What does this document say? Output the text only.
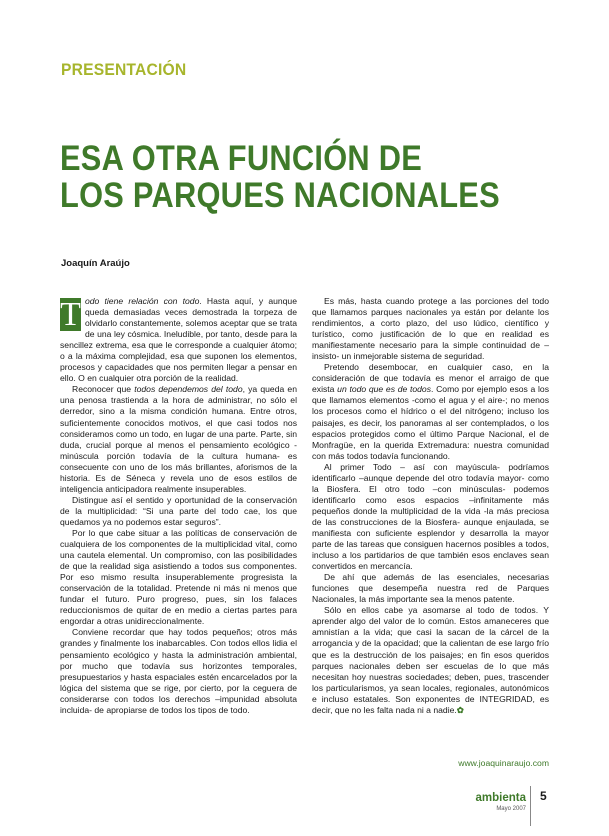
PRESENTACIÓN
ESA OTRA FUNCIÓN DE
LOS PARQUES NACIONALES
Joaquín Araújo

T odo tiene relación con todo. Hasta aquí, y aunque queda demasiadas veces demostrada la torpeza de olvidarlo constantemente, solemos aceptar que se trata de una ley cósmica. Ineludible, por tanto, desde para la sencillez extrema, esa que le corresponde a cualquier átomo; o a la máxima complejidad, esa que suponen los elementos, procesos y capacidades que nos permiten llegar a pensar en ello. O en cualquier otra porción de la realidad.

Reconocer que todos dependemos del todo, ya queda en una penosa trastienda a la hora de administrar, no sólo el derredor, sino a la misma condición humana. Entre otros, suficientemente conocidos motivos, el que casi todos nos consideramos como un todo, en lugar de una parte. Parte, sin duda, crucial porque al menos el pensamiento ecológico -minúscula porción todavía de la cultura humana- es consecuente con uno de los más brillantes, aforismos de la historia. Es de Séneca y revela uno de esos estilos de inteligencia anticipadora realmente insuperables.

Distingue así el sentido y oportunidad de la conservación de la multiplicidad: “Si una parte del todo cae, los que quedamos ya no podemos estar seguros”.

Por lo que cabe situar a las políticas de conservación de cualquiera de los componentes de la multiplicidad vital, como una cautela elemental. Un compromiso, con las posibilidades de que la realidad siga asistiendo a todos sus componentes. Por eso mismo resulta insuperablemente progresista la conservación de la totalidad. Pretende ni más ni menos que fundar el futuro. Puro progreso, pues, sin los falaces reduccionismos de quitar de en medio a ciertas partes para engordar a otras unidireccionalmente.

Conviene recordar que hay todos pequeños; otros más grandes y finalmente los inabarcables. Con todos ellos lidia el pensamiento ecológico y hasta la administración ambiental, por mucho que todavía sus horizontes temporales, presupuestarios y hasta espaciales estén encarcelados por la lógica del sistema que se rige, por cierto, por la ceguera de considerarse con todos los derechos –impunidad absoluta incluida- de apropiarse de todos los tipos de todo.

Es más, hasta cuando protege a las porciones del todo que llamamos parques nacionales ya están por delante los rendimientos, a corto plazo, del uso lúdico, científico y turístico, como justificación de lo que en realidad es manifiestamente necesario para la simple continuidad de – insisto- un inmejorable sistema de seguridad.

Pretendo desembocar, en cualquier caso, en la consideración de que todavía es menor el arraigo de que exista un todo que es de todos. Como por ejemplo esos a los que llamamos elementos -como el agua y el aire-; no menos los procesos como el hídrico o el del nitrógeno; incluso los paisajes, es decir, los panoramas al ser contemplados, o los espacios protegidos como el último Parque Nacional, el de Monfragüe, en la querida Extremadura: nuestra comunidad con más todos todavía funcionando.

Al primer Todo – así con mayúscula- podríamos identificarlo –aunque depende del otro todavía mayor- como la Biosfera. El otro todo –con minúsculas- podemos identificarlo como esos espacios –infinitamente más pequeños donde la multiplicidad de la vida -la más preciosa de las construcciones de la Biosfera- aunque enjaulada, se manifiesta con suficiente esplendor y desarrolla la mayor parte de las tareas que consiguen hacernos posibles a todos, incluso a los partidarios de que también esos enclaves sean convertidos en mercancía.

De ahí que además de las esenciales, necesarias funciones que desempeña nuestra red de Parques Nacionales, la más importante sea la menos patente.

Sólo en ellos cabe ya asomarse al todo de todos. Y aprender algo del valor de lo común. Estos amaneceres que amnistían a la vida; que casi la sacan de la cárcel de la arrogancia y de la opacidad; que la calientan de ese largo frío que es la destrucción de los paisajes; en fin esos queridos parques nacionales deben ser escuelas de lo que más necesitan hoy nuestras sociedades; deben, pues, trascender los particularismos, ya sean locales, regionales, autonómicos e incluso estatales. Son exponentes de INTEGRIDAD, es decir, que no les falta nada ni a nadie.✿

www.joaquinaraujo.com
ambienta
Mayo 2007
5
